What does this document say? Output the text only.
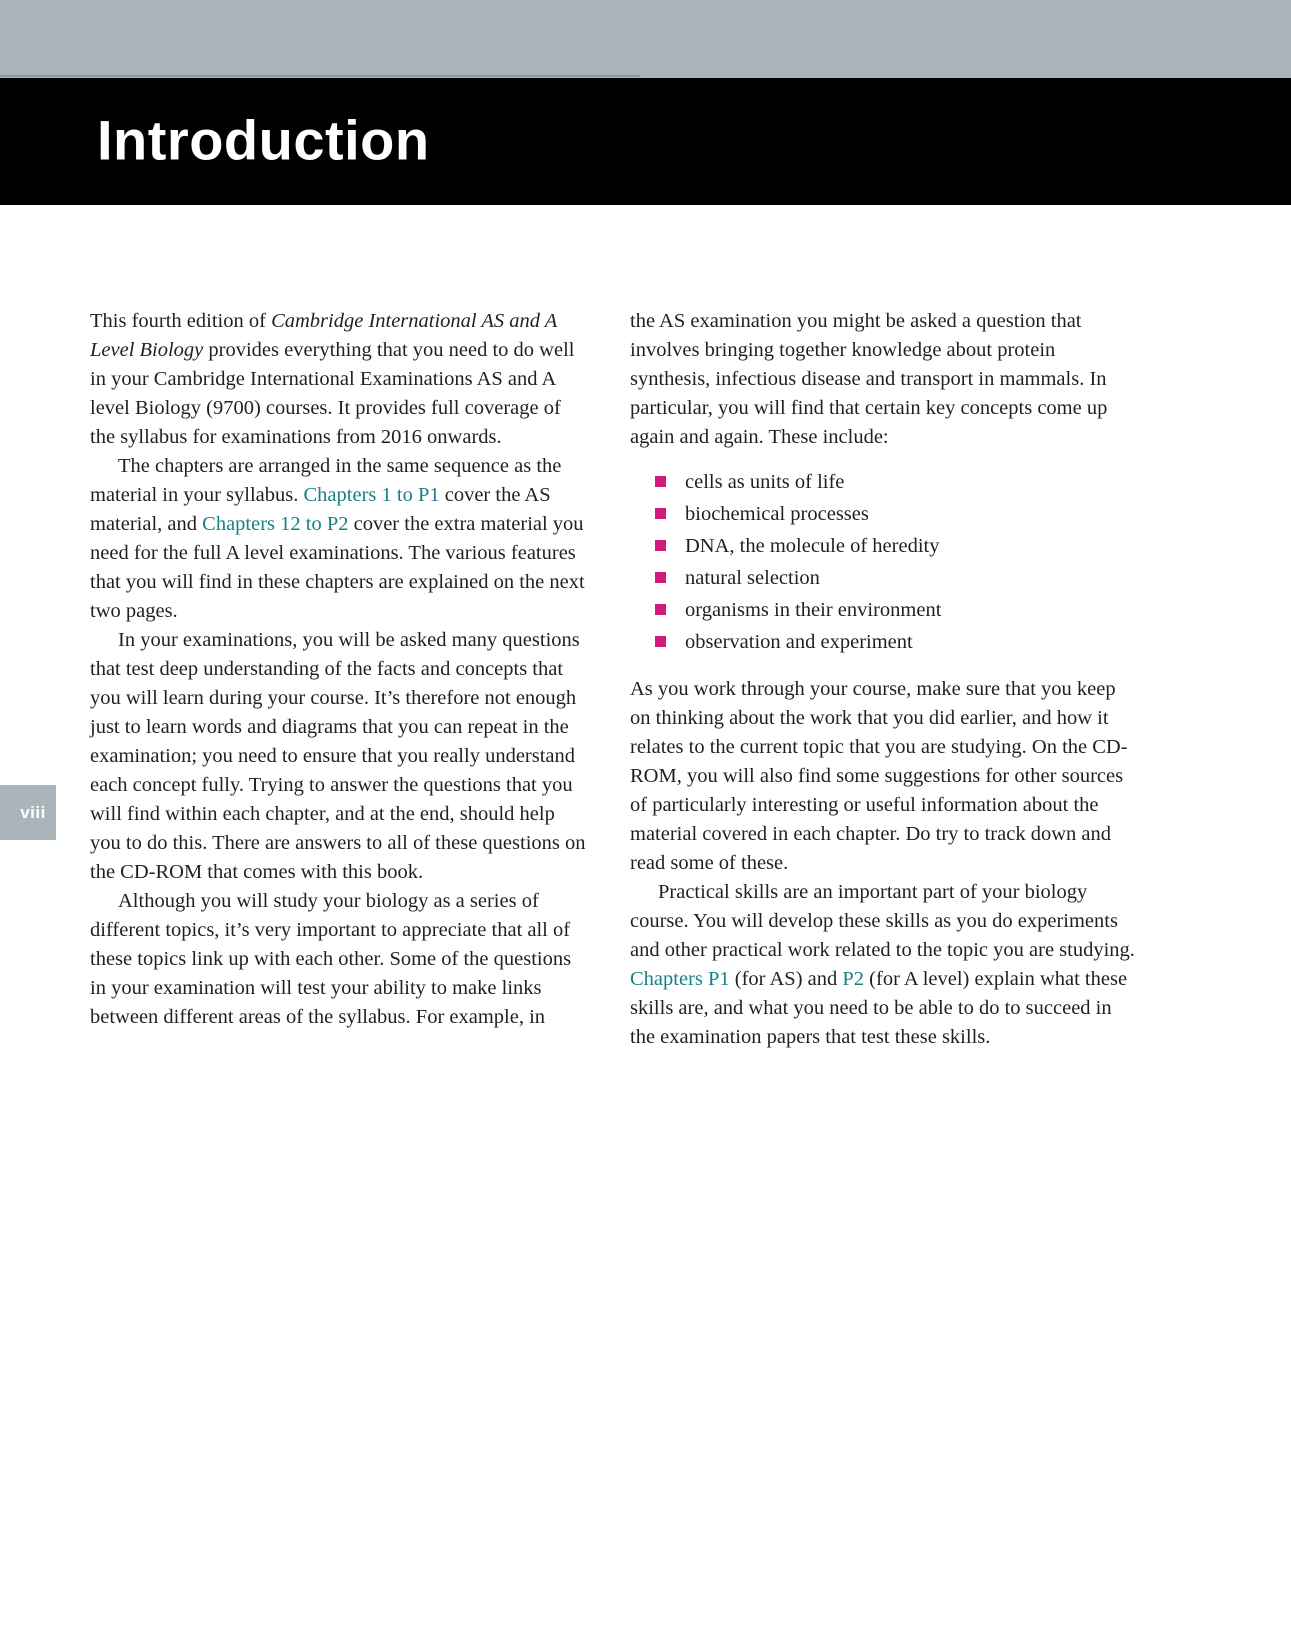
Introduction

This fourth edition of Cambridge International AS and A Level Biology provides everything that you need to do well in your Cambridge International Examinations AS and A level Biology (9700) courses. It provides full coverage of the syllabus for examinations from 2016 onwards.

The chapters are arranged in the same sequence as the material in your syllabus. Chapters 1 to P1 cover the AS material, and Chapters 12 to P2 cover the extra material you need for the full A level examinations. The various features that you will find in these chapters are explained on the next two pages.

In your examinations, you will be asked many questions that test deep understanding of the facts and concepts that you will learn during your course. It’s therefore not enough just to learn words and diagrams that you can repeat in the examination; you need to ensure that you really understand each concept fully. Trying to answer the questions that you will find within each chapter, and at the end, should help you to do this. There are answers to all of these questions on the CD-ROM that comes with this book.

Although you will study your biology as a series of different topics, it’s very important to appreciate that all of these topics link up with each other. Some of the questions in your examination will test your ability to make links between different areas of the syllabus. For example, in

the AS examination you might be asked a question that involves bringing together knowledge about protein synthesis, infectious disease and transport in mammals. In particular, you will find that certain key concepts come up again and again. These include:

cells as units of life
biochemical processes
DNA, the molecule of heredity
natural selection
organisms in their environment
observation and experiment

As you work through your course, make sure that you keep on thinking about the work that you did earlier, and how it relates to the current topic that you are studying. On the CD-ROM, you will also find some suggestions for other sources of particularly interesting or useful information about the material covered in each chapter. Do try to track down and read some of these.

Practical skills are an important part of your biology course. You will develop these skills as you do experiments and other practical work related to the topic you are studying. Chapters P1 (for AS) and P2 (for A level) explain what these skills are, and what you need to be able to do to succeed in the examination papers that test these skills.

viii
